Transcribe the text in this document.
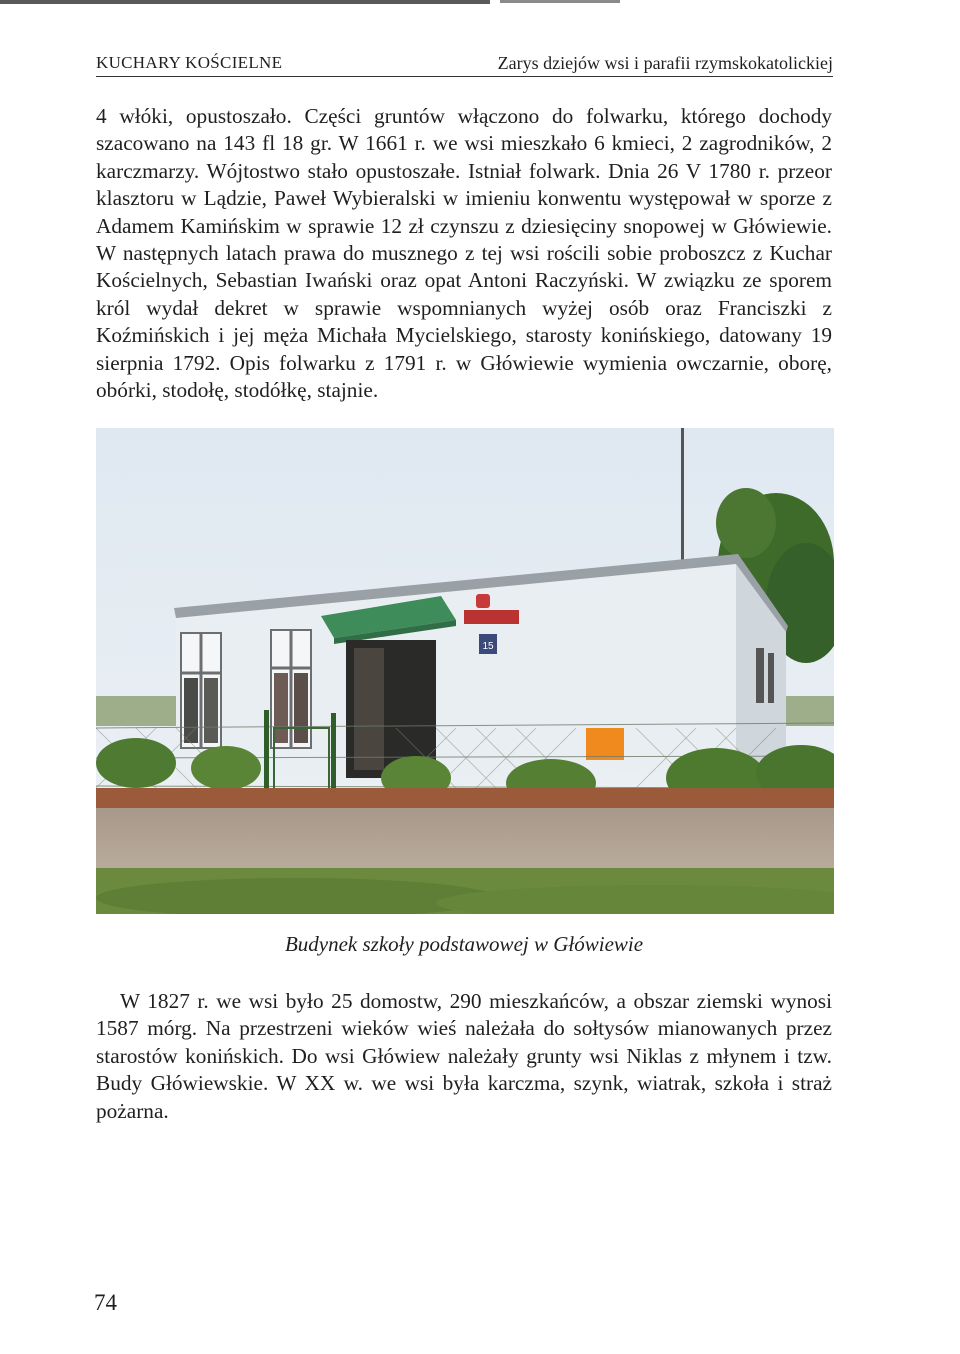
KUCHARY KOŚCIELNE	Zarys dziejów wsi i parafii rzymskokatolickiej

4 włóki, opustoszało. Części gruntów włączono do folwarku, którego dochody szacowano na 143 fl 18 gr. W 1661 r. we wsi mieszkało 6 kmieci, 2 zagrodników, 2 karczmarzy. Wójtostwo stało opustoszałe. Istniał folwark. Dnia 26 V 1780 r. przeor klasztoru w Lądzie, Paweł Wybieralski w imieniu konwentu występował w sporze z Adamem Kamińskim w sprawie 12 zł czynszu z dziesięciny snopowej w Główiewie. W następnych latach prawa do musznego z tej wsi rościli sobie proboszcz z Kuchar Kościelnych, Sebastian Iwański oraz opat Antoni Raczyński. W związku ze sporem król wydał dekret w sprawie wspomnianych wyżej osób oraz Franciszki z Koźmińskich i jej męża Michała Mycielskiego, starosty konińskiego, datowany 19 sierpnia 1792. Opis folwarku z 1791 r. w Główiewie wymienia owczarnie, oborę, obórki, stodołę, stodółkę, stajnie.

15
Budynek szkoły podstawowej w Główiewie

W 1827 r. we wsi było 25 domostw, 290 mieszkańców, a obszar ziemski wynosi 1587 mórg. Na przestrzeni wieków wieś należała do sołtysów mianowanych przez starostów konińskich. Do wsi Główiew należały grunty wsi Niklas z młynem i tzw. Budy Główiewskie. W XX w. we wsi była karczma, szynk, wiatrak, szkoła i straż pożarna.

74
